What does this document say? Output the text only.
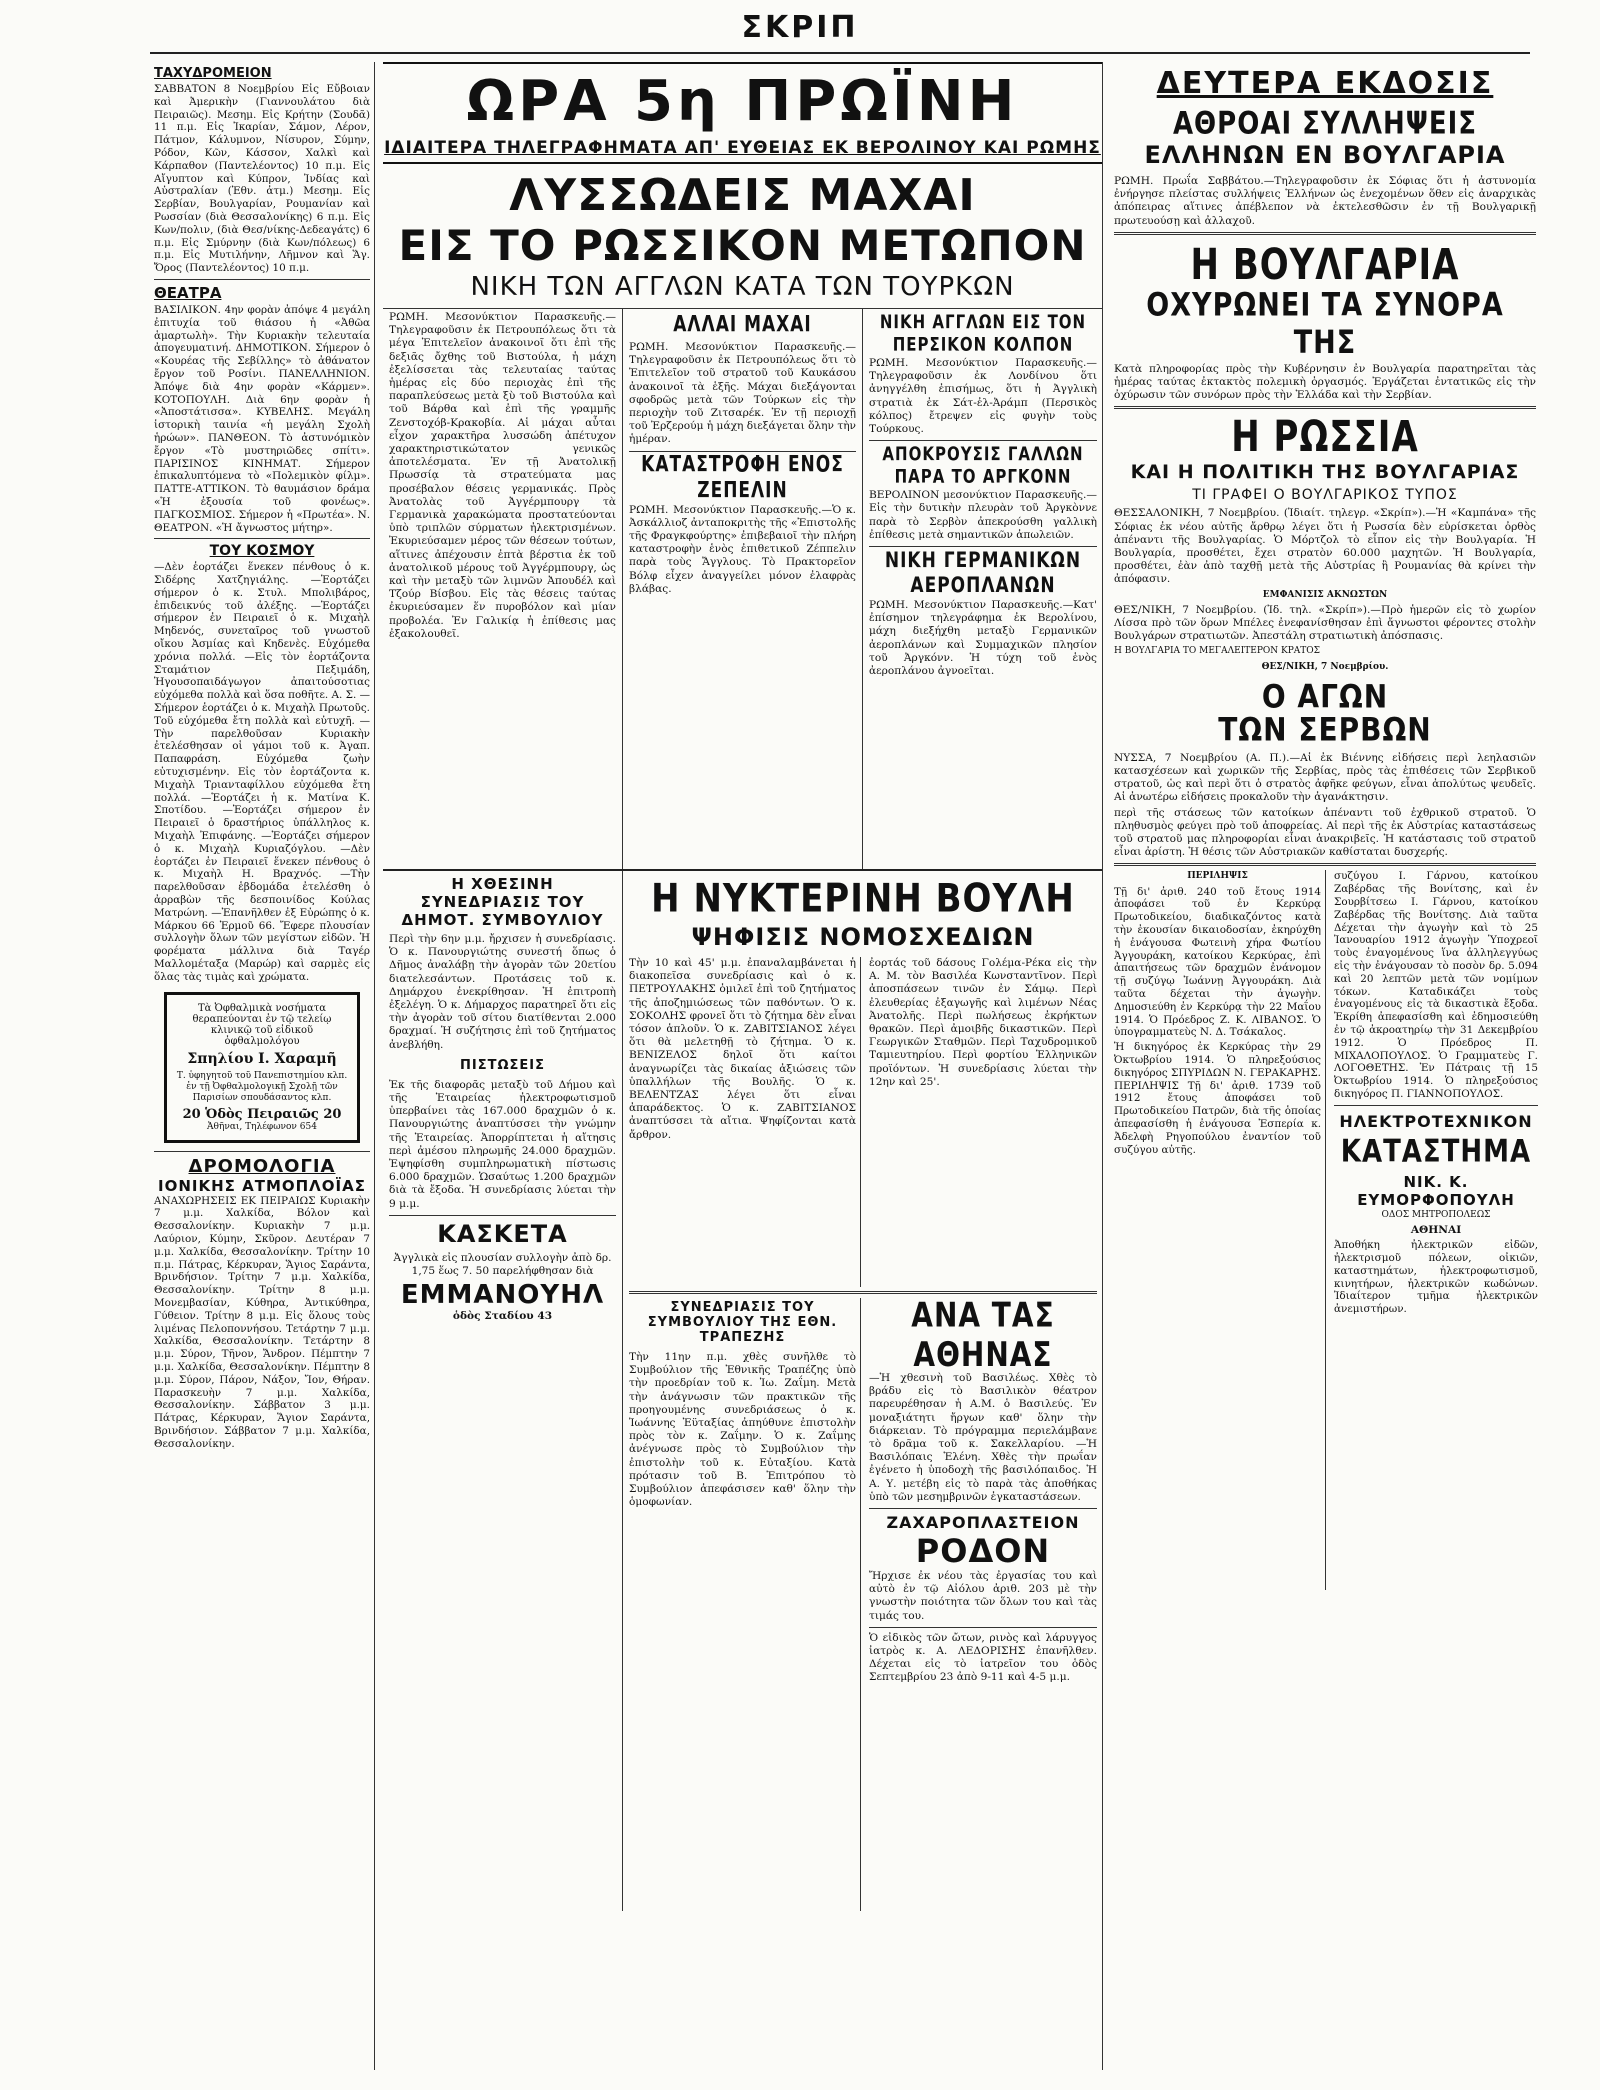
ΣΚΡΙΠ
ΤΑΧΥΔΡΟΜΕΙΟΝ

ΣΑΒΒΑΤΟΝ 8 Νοεμβρίου Εἰς Εὔβοιαν καὶ Ἀμερικὴν (Γιαννουλάτου διὰ Πειραιῶς). Μεσημ. Εἰς Κρήτην (Σουδᾶ) 11 π.μ. Εἰς Ἰκαρίαν, Σάμον, Λέρον, Πάτμον, Κάλυμνον, Νίσυρον, Σύμην, Ρόδον, Κῶν, Κάσσον, Χαλκὶ καὶ Κάρπαθον (Παντελέοντος) 10 π.μ. Εἰς Αἴγυπτον καὶ Κύπρον, Ἰνδίας καὶ Αὐστραλίαν (Ἐθν. ἀτμ.) Μεσημ. Εἰς Σερβίαν, Βουλγαρίαν, Ρουμανίαν καὶ Ρωσσίαν (διὰ Θεσσαλονίκης) 6 π.μ. Εἰς Κων/πολιν, (διὰ Θεσ/νίκης-Δεδεαγάτς) 6 π.μ. Εἰς Σμύρνην (διὰ Κων/πόλεως) 6 π.μ. Εἰς Μυτιλήνην, Λῆμνον καὶ Ἅγ. Ὄρος (Παντελέοντος) 10 π.μ.

ΘΕΑΤΡΑ

ΒΑΣΙΛΙΚΟΝ. 4ην φορὰν ἀπόψε 4 μεγάλη ἐπιτυχία τοῦ θιάσου ἡ «Ἀθῶα ἁμαρτωλὴ». Τὴν Κυριακὴν τελευταία ἀπογευματινή. ΔΗΜΟΤΙΚΟΝ. Σήμερον ὁ «Κουρέας τῆς Σεβίλλης» τὸ ἀθάνατον ἔργον τοῦ Ροσίνι. ΠΑΝΕΛΛΗΝΙΟΝ. Ἀπόψε διὰ 4ην φορὰν «Κάρμεν». ΚΟΤΟΠΟΥΛΗ. Διὰ 6ην φορὰν ἡ «Ἀποστάτισσα». ΚΥΒΕΛΗΣ. Μεγάλη ἱστορικὴ ταινία «ἡ μεγάλη Σχολὴ ἡρώων». ΠΑΝΘΕΟΝ. Τὸ ἀστυνόμικὸν ἔργον «Τὸ μυστηριῶδες σπίτι». ΠΑΡΙΣΙΝΟΣ ΚΙΝΗΜΑΤ. Σήμερον ἐπικαλυπτόμενα τὸ «Πολεμικὸν φίλμ». ΠΑΤΤΕ-ΑΤΤΙΚΟΝ. Τὸ θαυμάσιον δράμα «Ἡ ἐξουσία τοῦ φονέως». ΠΑΓΚΟΣΜΙΟΣ. Σήμερον ἡ «Πρωτέα». Ν. ΘΕΑΤΡΟΝ. «Ἡ ἄγνωστος μήτηρ».

ΤΟΥ ΚΟΣΜΟΥ

—Δὲν ἑορτάζει ἕνεκεν πένθους ὁ κ. Σιδέρης Χατζηγιάλης. —Ἑορτάζει σήμερον ὁ κ. Στυλ. Μπολιβάρος, ἐπιδεικνύς τοῦ ἀλέξης. —Ἑορτάζει σήμερον ἐν Πειραιεῖ ὁ κ. Μιχαὴλ Μηδενός, συνεταῖρος τοῦ γνωστοῦ οἴκου Ἀσμίας καὶ Κηδενὲς. Εὐχόμεθα χρόνια πολλά. —Εἰς τὸν ἑορτάζοντα Σταμάτιον Πεξιμάδη, Ἡγουσοπαιδάγωγον ἀπαιτούσοτιας εὐχόμεθα πολλὰ καὶ ὅσα ποθῆτε. Α. Σ. —Σήμερον ἑορτάζει ὁ κ. Μιχαὴλ Πρωτοῦς. Τοῦ εὐχόμεθα ἔτη πολλὰ καὶ εὐτυχῆ. —Τὴν παρελθοῦσαν Κυριακὴν ἐτελέσθησαν οἱ γάμοι τοῦ κ. Ἀγαπ. Παπαφράση. Εὐχόμεθα ζωὴν εὐτυχισμένην. Εἰς τὸν ἑορτάζοντα κ. Μιχαὴλ Τριανταφίλλου εὐχόμεθα ἔτη πολλά. —Ἑορτάζει ἡ κ. Ματίνα Κ. Σποτίδου. —Ἑορτάζει σήμερον ἐν Πειραιεῖ ὁ δραστήριος ὑπάλληλος κ. Μιχαὴλ Ἐπιφάνης. —Ἑορτάζει σήμερον ὁ κ. Μιχαὴλ Κυριαζόγλου. —Δὲν ἑορτάζει ἐν Πειραιεῖ ἕνεκεν πένθους ὁ κ. Μιχαὴλ Η. Βραχνός. —Τὴν παρελθοῦσαν ἑβδομάδα ἐτελέσθη ὁ ἀρραβὼν τῆς δεσποινίδος Κούλας Ματρώνη. —Ἐπανῆλθεν ἐξ Εὐρώπης ὁ κ. Μάρκου 66 Ἑρμοῦ 66. Ἔφερε πλουσίαν συλλογὴν ὅλων τῶν μεγίστων εἰδῶν. Ἡ φορέματα μάλλινα διὰ Ταγέρ Μαλλομέταξα (Μαρώρ) καὶ σαρμὲς εἰς ὅλας τὰς τιμὰς καὶ χρώματα.

Τὰ Ὀφθαλμικὰ νοσήματα θεραπεύονται ἐν τῷ τελείῳ κλινικῷ τοῦ εἰδικοῦ ὀφθαλμολόγου
Σπηλίου Ι. Χαραμῆ
Τ. ὑφηγητοῦ τοῦ Πανεπιστημίου κλπ. ἐν τῇ Ὀφθαλμολογικῇ Σχολῇ τῶν Παρισίων σπουδάσαντος κλπ.
20 Ὁδὸς Πειραιῶς 20
Ἀθῆναι, Τηλέφωνον 654
ΔΡΟΜΟΛΟΓΙΑ
ΙΟΝΙΚΗΣ ΑΤΜΟΠΛΟΪΑΣ

ΑΝΑΧΩΡΗΣΕΙΣ ΕΚ ΠΕΙΡΑΙΩΣ Κυριακὴν 7 μ.μ. Χαλκίδα, Βόλον καὶ Θεσσαλονίκην. Κυριακὴν 7 μ.μ. Λαύριον, Κύμην, Σκῦρον. Δευτέραν 7 μ.μ. Χαλκίδα, Θεσσαλονίκην. Τρίτην 10 π.μ. Πάτρας, Κέρκυραν, Ἅγιος Σαράντα, Βρινδήσιον. Τρίτην 7 μ.μ. Χαλκίδα, Θεσσαλονίκην. Τρίτην 8 μ.μ. Μονεμβασίαν, Κύθηρα, Ἀντικύθηρα, Γύθειον. Τρίτην 8 μ.μ. Εἰς ὅλους τοὺς λιμένας Πελοποννήσου. Τετάρτην 7 μ.μ. Χαλκίδα, Θεσσαλονίκην. Τετάρτην 8 μ.μ. Σύρον, Τῆνον, Ἄνδρον. Πέμπτην 7 μ.μ. Χαλκίδα, Θεσσαλονίκην. Πέμπτην 8 μ.μ. Σύρον, Πάρον, Νάξον, Ἴον, Θήραν. Παρασκευὴν 7 μ.μ. Χαλκίδα, Θεσσαλονίκην. Σάββατον 3 μ.μ. Πάτρας, Κέρκυραν, Ἅγιον Σαράντα, Βρινδήσιον. Σάββατον 7 μ.μ. Χαλκίδα, Θεσσαλονίκην.

ΩΡΑ 5η ΠΡΩΪΝΗ
ΙΔΙΑΙΤΕΡΑ ΤΗΛΕΓΡΑΦΗΜΑΤΑ ΑΠ' ΕΥΘΕΙΑΣ ΕΚ ΒΕΡΟΛΙΝΟΥ ΚΑΙ ΡΩΜΗΣ
ΛΥΣΣΩΔΕΙΣ ΜΑΧΑΙ
ΕΙΣ ΤΟ ΡΩΣΣΙΚΟΝ ΜΕΤΩΠΟΝ
ΝΙΚΗ ΤΩΝ ΑΓΓΛΩΝ ΚΑΤΑ ΤΩΝ ΤΟΥΡΚΩΝ

ΡΩΜΗ. Μεσονύκτιον Παρασκευῆς.—Τηλεγραφοῦσιν ἐκ Πετρουπόλεως ὅτι τὰ μέγα Ἐπιτελεῖον ἀνακοινοῖ ὅτι ἐπὶ τῆς δεξιᾶς ὄχθης τοῦ Βιστούλα, ἡ μάχη ἐξελίσσεται τὰς τελευταίας ταύτας ἡμέρας εἰς δύο περιοχὰς ἐπὶ τῆς παραπλεύσεως μετὰ ξὺ τοῦ Βιστούλα καὶ τοῦ Βάρθα καὶ ἐπὶ τῆς γραμμῆς Ζενστοχόβ-Κρακοβία. Αἱ μάχαι αὗται εἶχον χαρακτῆρα λυσσώδη ἀπέτυχον χαρακτηριστικώτατον γενικῶς ἀποτελέσματα. Ἐν τῇ Ἀνατολικῇ Πρωσσίᾳ τὰ στρατεύματα μας προσέβαλον θέσεις γερμανικάς. Πρὸς Ἀνατολὰς τοῦ Ἀγγέρμπουργ τὰ Γερμανικὰ χαρακώματα προστατεύονται ὑπὸ τριπλῶν σύρματων ἠλεκτρισμένων. Ἐκυριεύσαμεν μέρος τῶν θέσεων τούτων, αἵτινες ἀπέχουσιν ἐπτὰ βέρστια ἐκ τοῦ ἀνατολικοῦ μέρους τοῦ Ἀγγέρμπουργ, ὡς καὶ τὴν μεταξὺ τῶν λιμνῶν Ἀπουδέλ καὶ Τζούρ Βίσβου. Εἰς τὰς θέσεις ταύτας ἐκυριεύσαμεν ἕν πυροβόλον καὶ μίαν προβολέα. Ἐν Γαλικίᾳ ἡ ἐπίθεσις μας ἐξακολουθεῖ.

ΑΛΛΑΙ ΜΑΧΑΙ

ΡΩΜΗ. Μεσονύκτιον Παρασκευῆς.—Τηλεγραφοῦσιν ἐκ Πετρουπόλεως ὅτι τὸ Ἐπιτελεῖον τοῦ στρατοῦ τοῦ Καυκάσου ἀνακοινοῖ τὰ ἑξῆς. Μάχαι διεξάγονται σφοδρῶς μετὰ τῶν Τούρκων εἰς τὴν περιοχὴν τοῦ Ζιτσαρέκ. Ἐν τῇ περιοχῇ τοῦ Ἐρζερούμ ἡ μάχη διεξάγεται ὅλην τὴν ἡμέραν.

ΚΑΤΑΣΤΡΟΦΗ ΕΝΟΣ ΖΕΠΕΛΙΝ

ΡΩΜΗ. Μεσονύκτιον Παρασκευῆς.—Ὁ κ. Ἀσκάλλιοζ ἀνταποκριτὴς τῆς «Ἐπιστολῆς τῆς Φραγκφούρτης» ἐπιβεβαιοῖ τὴν πλήρη καταστροφὴν ἑνὸς ἐπιθετικοῦ Ζέππελιν παρὰ τοὺς Ἄγγλους. Τὸ Πρακτορεῖον Βόλφ εἶχεν ἀναγγείλει μόνον ἐλαφρὰς βλάβας.

ΝΙΚΗ ΑΓΓΛΩΝ ΕΙΣ ΤΟΝ ΠΕΡΣΙΚΟΝ ΚΟΛΠΟΝ

ΡΩΜΗ. Μεσονύκτιον Παρασκευῆς.—Τηλεγραφοῦσιν ἐκ Λονδίνου ὅτι ἀνηγγέλθη ἐπισήμως, ὅτι ἡ Ἀγγλικὴ στρατιὰ ἐκ Σάτ-ἐλ-Ἀράμπ (Περσικὸς κόλπος) ἔτρεψεν εἰς φυγὴν τοὺς Τούρκους.

ΑΠΟΚΡΟΥΣΙΣ ΓΑΛΛΩΝ ΠΑΡΑ ΤΟ ΑΡΓΚΟΝΝ

ΒΕΡΟΛΙΝΟΝ μεσονύκτιον Παρασκευῆς.—Εἰς τὴν δυτικὴν πλευρὰν τοῦ Ἀργκὸννε παρὰ τὸ Σερβὸν ἀπεκρούσθη γαλλικὴ ἐπίθεσις μετὰ σημαντικῶν ἀπωλειῶν.

ΝΙΚΗ ΓΕΡΜΑΝΙΚΩΝ ΑΕΡΟΠΛΑΝΩΝ

ΡΩΜΗ. Μεσονύκτιον Παρασκευῆς.—Κατ' ἐπίσημον τηλεγράφημα ἐκ Βερολίνου, μάχη διεξήχθη μεταξὺ Γερμανικῶν ἀεροπλάνων καὶ Συμμαχικῶν πλησίον τοῦ Ἀργκόνν. Ἡ τύχη τοῦ ἑνὸς ἀεροπλάνου ἀγνοεῖται.

Η ΧΘΕΣΙΝΗ ΣΥΝΕΔΡΙΑΣΙΣ ΤΟΥ ΔΗΜΟΤ. ΣΥΜΒΟΥΛΙΟΥ

Περὶ τὴν 6ην μ.μ. ἤρχισεν ἡ συνεδρίασις. Ὁ κ. Πανουργιώτης συνεστή ὅπως ὁ Δῆμος ἀναλάβῃ τὴν ἀγορὰν τῶν 20ετίου διατελεσάντων. Προτάσεις τοῦ κ. Δημάρχου ἐνεκρίθησαν. Ἡ ἐπιτροπὴ ἐξελέγη. Ὁ κ. Δήμαρχος παρατηρεῖ ὅτι εἰς τὴν ἀγορὰν τοῦ σίτου διατίθενται 2.000 δραχμαί. Ἡ συζήτησις ἐπὶ τοῦ ζητήματος ἀνεβλήθη.

ΠΙΣΤΩΣΕΙΣ

Ἐκ τῆς διαφορᾶς μεταξὺ τοῦ Δήμου καὶ τῆς Ἑταιρείας ἠλεκτροφωτισμοῦ ὑπερβαίνει τὰς 167.000 δραχμῶν ὁ κ. Πανουργιώτης ἀναπτύσσει τὴν γνώμην τῆς Ἑταιρείας. Ἀπορρίπτεται ἡ αἴτησις περὶ ἀμέσου πληρωμῆς 24.000 δραχμῶν. Ἐψηφίσθη συμπληρωματικὴ πίστωσις 6.000 δραχμῶν. Ὡσαύτως 1.200 δραχμῶν διὰ τὰ ἔξοδα. Ἡ συνεδρίασις λύεται τὴν 9 μ.μ.

ΚΑΣΚΕΤΑ

Ἀγγλικὰ εἰς πλουσίαν συλλογὴν ἀπὸ δρ. 1,75 ἕως 7. 50 παρελήφθησαν διὰ

ΕΜΜΑΝΟΥΗΛ
ὁδὸς Σταδίου 43
Η ΝΥΚΤΕΡΙΝΗ ΒΟΥΛΗ
ΨΗΦΙΣΙΣ ΝΟΜΟΣΧΕΔΙΩΝ

Τὴν 10 καὶ 45' μ.μ. ἐπαναλαμβάνεται ἡ διακοπεῖσα συνεδρίασις καὶ ὁ κ. ΠΕΤΡΟΥΛΑΚΗΣ ὁμιλεῖ ἐπὶ τοῦ ζητήματος τῆς ἀποζημιώσεως τῶν παθόντων. Ὁ κ. ΣΟΚΟΛΗΣ φρονεῖ ὅτι τὸ ζήτημα δὲν εἶναι τόσον ἁπλοῦν. Ὁ κ. ΖΑΒΙΤΣΙΑΝΟΣ λέγει ὅτι θὰ μελετηθῇ τὸ ζήτημα. Ὁ κ. ΒΕΝΙΖΕΛΟΣ δηλοῖ ὅτι καίτοι ἀναγνωρίζει τὰς δικαίας ἀξιώσεις τῶν ὑπαλλήλων τῆς Βουλῆς. Ὁ κ. ΒΕΛΕΝΤΖΑΣ λέγει ὅτι εἶναι ἀπαράδεκτος. Ὁ κ. ΖΑΒΙΤΣΙΑΝΟΣ ἀναπτύσσει τὰ αἴτια. Ψηφίζονται κατὰ ἄρθρον.

ἐορτάς τοῦ δάσους Γολέμα-Ρέκα εἰς τὴν Α. Μ. τὸν Βασιλέα Κωνσταντῖνον. Περὶ ἀποσπάσεων τινῶν ἐν Σάμῳ. Περὶ ἐλευθερίας ἐξαγωγῆς καὶ λιμένων Νέας Ἀνατολῆς. Περὶ πωλήσεως ἐκρήκτων θρακῶν. Περὶ ἀμοιβῆς δικαστικῶν. Περὶ Γεωργικῶν Σταθμῶν. Περὶ Ταχυδρομικοῦ Ταμιευτηρίου. Περὶ φορτίου Ἑλληνικῶν προϊόντων. Ἡ συνεδρίασις λύεται τὴν 12ην καὶ 25'.

ΣΥΝΕΔΡΙΑΣΙΣ ΤΟΥ ΣΥΜΒΟΥΛΙΟΥ ΤΗΣ ΕΘΝ. ΤΡΑΠΕΖΗΣ

Τὴν 11ην π.μ. χθὲς συνῆλθε τὸ Συμβούλιον τῆς Ἐθνικῆς Τραπέζης ὑπὸ τὴν προεδρίαν τοῦ κ. Ἰω. Ζαΐμη. Μετὰ τὴν ἀνάγνωσιν τῶν πρακτικῶν τῆς προηγουμένης συνεδριάσεως ὁ κ. Ἰωάννης Ἐϋταξίας ἀπηύθυνε ἐπιστολὴν πρὸς τὸν κ. Ζαΐμην. Ὁ κ. Ζαΐμης ἀνέγνωσε πρὸς τὸ Συμβούλιον τὴν ἐπιστολὴν τοῦ κ. Εὐταξίου. Κατὰ πρότασιν τοῦ Β. Ἐπιτρόπου τὸ Συμβούλιον ἀπεφάσισεν καθ' ὅλην τὴν ὁμοφωνίαν.

ΑΝΑ ΤΑΣ ΑΘΗΝΑΣ

—Ἡ χθεσινὴ τοῦ Βασιλέως. Χθὲς τὸ βράδυ εἰς τὸ Βασιλικὸν θέατρον παρευρέθησαν ἡ Α.Μ. ὁ Βασιλεύς. Ἐν μοναξιάτητι ἤργων καθ' ὅλην τὴν διάρκειαν. Τὸ πρόγραμμα περιελάμβανε τὸ δρᾶμα τοῦ κ. Σακελλαρίου. —Ἡ Βασιλόπαις Ἑλένη. Χθὲς τὴν πρωΐαν ἐγένετο ἡ ὑποδοχὴ τῆς βασιλόπαιδος. Ἡ Α. Υ. μετέβη εἰς τὸ παρὰ τὰς ἀποθήκας ὑπὸ τῶν μεσημβρινῶν ἐγκαταστάσεων.

ΖΑΧΑΡΟΠΛΑΣΤΕΙΟΝ
ΡΟΔΟΝ

Ἤρχισε ἐκ νέου τὰς ἐργασίας του καὶ αὐτὸ ἐν τῷ Αἰόλου ἀριθ. 203 μὲ τὴν γνωστὴν ποιότητα τῶν ὅλων του καὶ τὰς τιμάς του.

Ὁ εἰδικὸς τῶν ὤτων, ρινὸς καὶ λάρυγγος ἰατρὸς κ. Α. ΛΕΔΟΡΙΣΗΣ ἐπανῆλθεν. Δέχεται εἰς τὸ ἰατρεῖον του ὁδὸς Σεπτεμβρίου 23 ἀπὸ 9-11 καὶ 4-5 μ.μ.

ΔΕΥΤΕΡΑ ΕΚΔΟΣΙΣ
ΑΘΡΟΑΙ ΣΥΛΛΗΨΕΙΣ
ΕΛΛΗΝΩΝ ΕΝ ΒΟΥΛΓΑΡΙΑ

ΡΩΜΗ. Πρωΐα Σαββάτου.—Τηλεγραφοῦσιν ἐκ Σόφιας ὅτι ἡ ἀστυνομία ἐνήργησε πλείστας συλλήψεις Ἑλλήνων ὡς ἐνεχομένων ὅθεν εἰς ἀναρχικὰς ἀπόπειρας αἵτινες ἀπέβλεπον νὰ ἐκτελεσθῶσιν ἐν τῇ Βουλγαρικῇ πρωτευούσῃ καὶ ἀλλαχοῦ.

Η ΒΟΥΛΓΑΡΙΑ
ΟΧΥΡΩΝΕΙ ΤΑ ΣΥΝΟΡΑ ΤΗΣ

Κατὰ πληροφορίας πρὸς τὴν Κυβέρνησιν ἐν Βουλγαρία παρατηρεῖται τὰς ἡμέρας ταύτας ἐκτακτὸς πολεμικὴ ὀργασμός. Ἐργάζεται ἐντατικῶς εἰς τὴν ὀχύρωσιν τῶν συνόρων πρὸς τὴν Ἑλλάδα καὶ τὴν Σερβίαν.

Η ΡΩΣΣΙΑ
ΚΑΙ Η ΠΟΛΙΤΙΚΗ ΤΗΣ ΒΟΥΛΓΑΡΙΑΣ
ΤΙ ΓΡΑΦΕΙ Ο ΒΟΥΛΓΑΡΙΚΟΣ ΤΥΠΟΣ

ΘΕΣΣΑΛΟΝΙΚΗ, 7 Νοεμβρίου. (Ἰδιαίτ. τηλεγρ. «Σκρίπ»).—Ἡ «Καμπάνα» τῆς Σόφιας ἐκ νέου αὐτῆς ἄρθρῳ λέγει ὅτι ἡ Ρωσσία δὲν εὑρίσκεται ὀρθὸς ἀπέναντι τῆς Βουλγαρίας. Ὁ Μόρτζολ τὸ εἶπον εἰς τὴν Βουλγαρία. Ἡ Βουλγαρία, προσθέτει, ἔχει στρατὸν 60.000 μαχητῶν. Ἡ Βουλγαρία, προσθέτει, ἐὰν ἀπὸ ταχθῇ μετὰ τῆς Αὐστρίας ἢ Ρουμανίας θὰ κρίνει τὴν ἀπόφασιν.

ΕΜΦΑΝΙΣΙΣ ΑΚΝΩΣΤΩΝ

ΘΕΣ/ΝΙΚΗ, 7 Νοεμβρίου. (Ἰδ. τηλ. «Σκρίπ»).—Πρὸ ἡμερῶν εἰς τὸ χωρίον Λίσσα πρὸ τῶν ὅρων Μπέλες ἐνεφανίσθησαν ἐπὶ ἄγνωστοι φέροντες στολὴν Βουλγάρων στρατιωτῶν. Ἀπεστάλη στρατιωτικὴ ἀπόσπασις.

Η ΒΟΥΛΓΑΡΙΑ ΤΟ ΜΕΓΑΛΕΙΤΕΡΟΝ ΚΡΑΤΟΣ
ΘΕΣ/ΝΙΚΗ, 7 Νοεμβρίου.
Ο ΑΓΩΝ
ΤΩΝ ΣΕΡΒΩΝ

ΝΥΣΣΑ, 7 Νοεμβρίου (Α. Π.).—Αἱ ἐκ Βιέννης εἰδήσεις περὶ λεηλασιῶν κατασχέσεων καὶ χωρικῶν τῆς Σερβίας, πρὸς τὰς ἐπιθέσεις τῶν Σερβικοῦ στρατοῦ, ὡς καὶ περὶ ὅτι ὁ στρατὸς ἀφῆκε φεύγων, εἶναι ἀπολύτως ψευδεῖς. Αἱ ἀνωτέρω εἰδήσεις προκαλοῦν τὴν ἀγανάκτησιν.

περὶ τῆς στάσεως τῶν κατοίκων ἀπέναντι τοῦ ἐχθρικοῦ στρατοῦ. Ὁ πληθυσμὸς φεύγει πρὸ τοῦ ἀποφρείας. Αἱ περὶ τῆς ἐκ Αὐστρίας καταστάσεως τοῦ στρατοῦ μας πληροφορίαι εἶναι ἀνακριβεῖς. Ἡ κατάστασις τοῦ στρατοῦ εἶναι ἀρίστη. Ἡ θέσις τῶν Αὐστριακῶν καθίσταται δυσχερής.

ΠΕΡΙΛΗΨΙΣ

Τῇ δι' ἀριθ. 240 τοῦ ἔτους 1914 ἀποφάσει τοῦ ἐν Κερκύρᾳ Πρωτοδικείου, διαδικαζόντος κατὰ τὴν ἐκουσίαν δικαιοδοσίαν, ἐκηρύχθη ἡ ἐνάγουσα Φωτεινὴ χήρα Φωτίου Ἀγγουράκη, κατοίκου Κερκύρας, ἐπὶ ἀπαιτήσεως τῶν δραχμῶν ἐνάνομον τῇ συζύγῳ Ἰωάννῃ Ἀγγουράκη. Διὰ ταῦτα δέχεται τὴν ἀγωγὴν. Δημοσιεύθη ἐν Κερκύρᾳ τὴν 22 Μαΐου 1914. Ὁ Πρόεδρος Ζ. Κ. ΛΙΒΑΝΟΣ. Ὁ ὑπογραμματεὺς Ν. Δ. Τσάκαλος.

Ἡ δικηγόρος ἐκ Κερκύρας τὴν 29 Ὀκτωβρίου 1914. Ὁ πληρεξούσιος δικηγόρος ΣΠΥΡΙΔΩΝ Ν. ΓΕΡΑΚΑΡΗΣ. ΠΕΡΙΛΗΨΙΣ Τῇ δι' ἀριθ. 1739 τοῦ 1912 ἔτους ἀποφάσει τοῦ Πρωτοδικείου Πατρῶν, διὰ τῆς ὁποίας ἀπεφασίσθη ἡ ἐνάγουσα Ἐσπερία κ. Ἀδελφὴ Ρηγοπούλου ἐναντίον τοῦ συζύγου αὐτῆς.

συζύγου Ι. Γάρνου, κατοίκου Ζαβέρδας τῆς Βονίτσης, καὶ ἐν Σουρβίτσεω Ι. Γάρνου, κατοίκου Ζαβέρδας τῆς Βονίτσης. Διὰ ταῦτα Δέχεται τὴν ἀγωγὴν καὶ τὸ 25 Ἰανουαρίου 1912 ἀγωγὴν Ὑποχρεοῖ τοὺς ἐναγομένους ἵνα ἀλληλεγγύως εἰς τὴν ἐνάγουσαν τὸ ποσὸν δρ. 5.094 καὶ 20 λεπτῶν μετὰ τῶν νομίμων τόκων. Καταδικάζει τοὺς ἐναγομένους εἰς τὰ δικαστικὰ ἔξοδα. Ἐκρίθη ἀπεφασίσθη καὶ ἐδημοσιεύθη ἐν τῷ ἀκροατηρίῳ τὴν 31 Δεκεμβρίου 1912. Ὁ Πρόεδρος Π. ΜΙΧΑΛΟΠΟΥΛΟΣ. Ὁ Γραμματεὺς Γ. ΛΟΓΟΘΕΤΗΣ. Ἐν Πάτραις τῇ 15 Ὀκτωβρίου 1914. Ὁ πληρεξούσιος δικηγόρος Π. ΓΙΑΝΝΟΠΟΥΛΟΣ.

ΗΛΕΚΤΡΟΤΕΧΝΙΚΟΝ
ΚΑΤΑΣΤΗΜΑ
ΝΙΚ. Κ. ΕΥΜΟΡΦΟΠΟΥΛΗ
ΟΔΟΣ ΜΗΤΡΟΠΟΛΕΩΣ
ΑΘΗΝΑΙ

Ἀποθήκη ἠλεκτρικῶν εἰδῶν, ἠλεκτρισμοῦ πόλεων, οἰκιῶν, καταστημάτων, ἠλεκτροφωτισμοῦ, κινητήρων, ἠλεκτρικῶν κωδώνων. Ἰδιαίτερον τμῆμα ἠλεκτρικῶν ἀνεμιστήρων.
